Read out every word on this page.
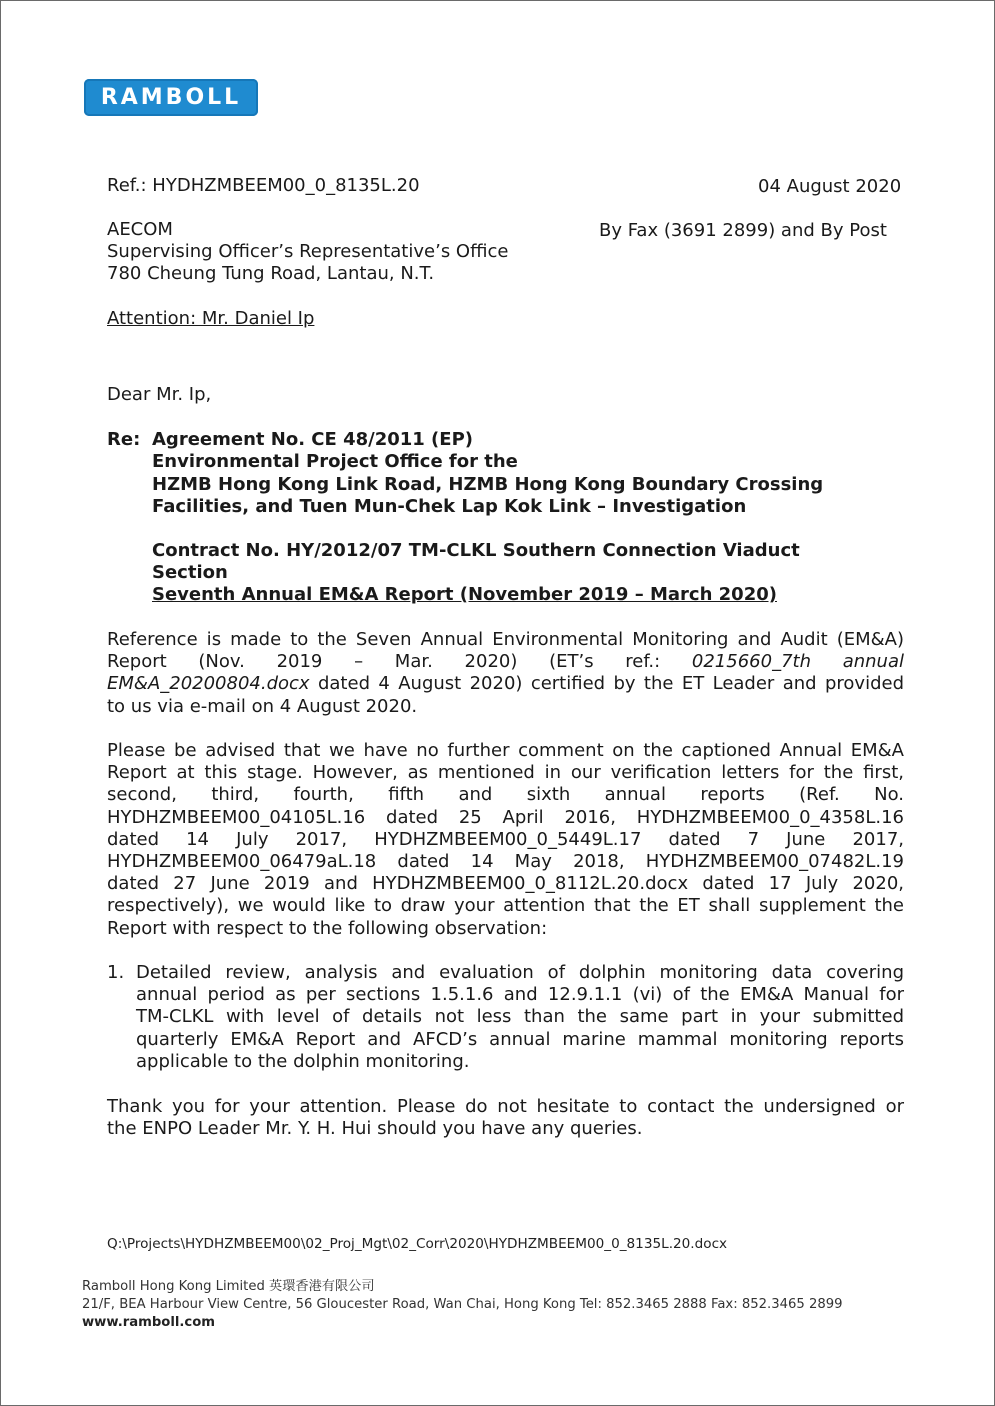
RAMBOLL
Ref.: HYDHZMBEEM00_0_8135L.20	04 August 2020
AECOM
Supervising Officer’s Representative’s Office
780 Cheung Tung Road, Lantau, N.T.
By Fax (3691 2899) and By Post
Attention: Mr. Daniel Ip
Dear Mr. Ip,
Re: Agreement No. CE 48/2011 (EP)
Environmental Project Office for the
HZMB Hong Kong Link Road, HZMB Hong Kong Boundary Crossing
Facilities, and Tuen Mun-Chek Lap Kok Link – Investigation
Contract No. HY/2012/07 TM-CLKL Southern Connection Viaduct
Section
Seventh Annual EM&A Report (November 2019 – March 2020)
Reference is made to the Seven Annual Environmental Monitoring and Audit (EM&A)
Report (Nov. 2019 – Mar. 2020) (ET’s ref.: 0215660_7th annual
EM&A_20200804.docx dated 4 August 2020) certified by the ET Leader and provided
to us via e-mail on 4 August 2020.
Please be advised that we have no further comment on the captioned Annual EM&A
Report at this stage. However, as mentioned in our verification letters for the first,
second, third, fourth, fifth and sixth annual reports (Ref. No.
HYDHZMBEEM00_04105L.16 dated 25 April 2016, HYDHZMBEEM00_0_4358L.16
dated 14 July 2017, HYDHZMBEEM00_0_5449L.17 dated 7 June 2017,
HYDHZMBEEM00_06479aL.18 dated 14 May 2018, HYDHZMBEEM00_07482L.19
dated 27 June 2019 and HYDHZMBEEM00_0_8112L.20.docx dated 17 July 2020,
respectively), we would like to draw your attention that the ET shall supplement the
Report with respect to the following observation:
1. Detailed review, analysis and evaluation of dolphin monitoring data covering
annual period as per sections 1.5.1.6 and 12.9.1.1 (vi) of the EM&A Manual for
TM-CLKL with level of details not less than the same part in your submitted
quarterly EM&A Report and AFCD’s annual marine mammal monitoring reports
applicable to the dolphin monitoring.
Thank you for your attention. Please do not hesitate to contact the undersigned or
the ENPO Leader Mr. Y. H. Hui should you have any queries.
Q:\Projects\HYDHZMBEEM00\02_Proj_Mgt\02_Corr\2020\HYDHZMBEEM00_0_8135L.20.docx
Ramboll Hong Kong Limited 英環香港有限公司
21/F, BEA Harbour View Centre, 56 Gloucester Road, Wan Chai, Hong Kong Tel: 852.3465 2888 Fax: 852.3465 2899
www.ramboll.com
